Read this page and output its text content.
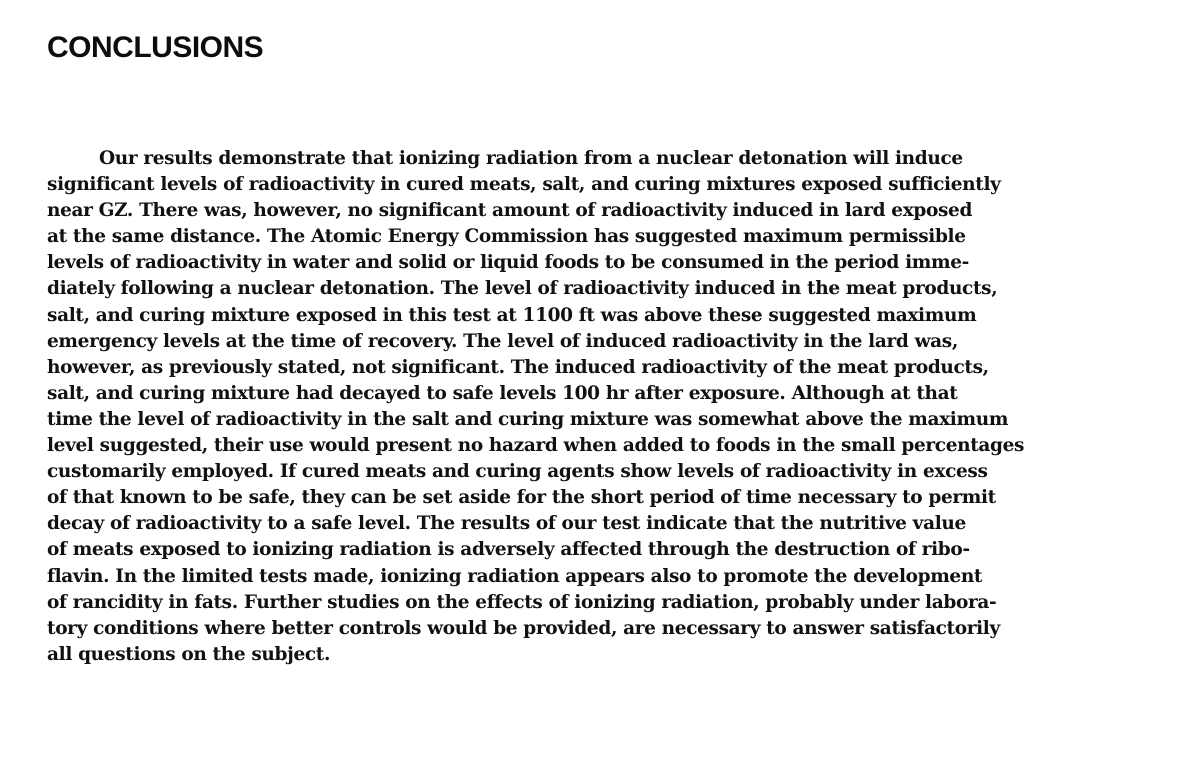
CONCLUSIONS
Our results demonstrate that ionizing radiation from a nuclear detonation will induce
significant levels of radioactivity in cured meats, salt, and curing mixtures exposed sufficiently
near GZ. There was, however, no significant amount of radioactivity induced in lard exposed
at the same distance. The Atomic Energy Commission has suggested maximum permissible
levels of radioactivity in water and solid or liquid foods to be consumed in the period imme-
diately following a nuclear detonation. The level of radioactivity induced in the meat products,
salt, and curing mixture exposed in this test at 1100 ft was above these suggested maximum
emergency levels at the time of recovery. The level of induced radioactivity in the lard was,
however, as previously stated, not significant. The induced radioactivity of the meat products,
salt, and curing mixture had decayed to safe levels 100 hr after exposure. Although at that
time the level of radioactivity in the salt and curing mixture was somewhat above the maximum
level suggested, their use would present no hazard when added to foods in the small percentages
customarily employed. If cured meats and curing agents show levels of radioactivity in excess
of that known to be safe, they can be set aside for the short period of time necessary to permit
decay of radioactivity to a safe level. The results of our test indicate that the nutritive value
of meats exposed to ionizing radiation is adversely affected through the destruction of ribo-
flavin. In the limited tests made, ionizing radiation appears also to promote the development
of rancidity in fats. Further studies on the effects of ionizing radiation, probably under labora-
tory conditions where better controls would be provided, are necessary to answer satisfactorily
all questions on the subject.
